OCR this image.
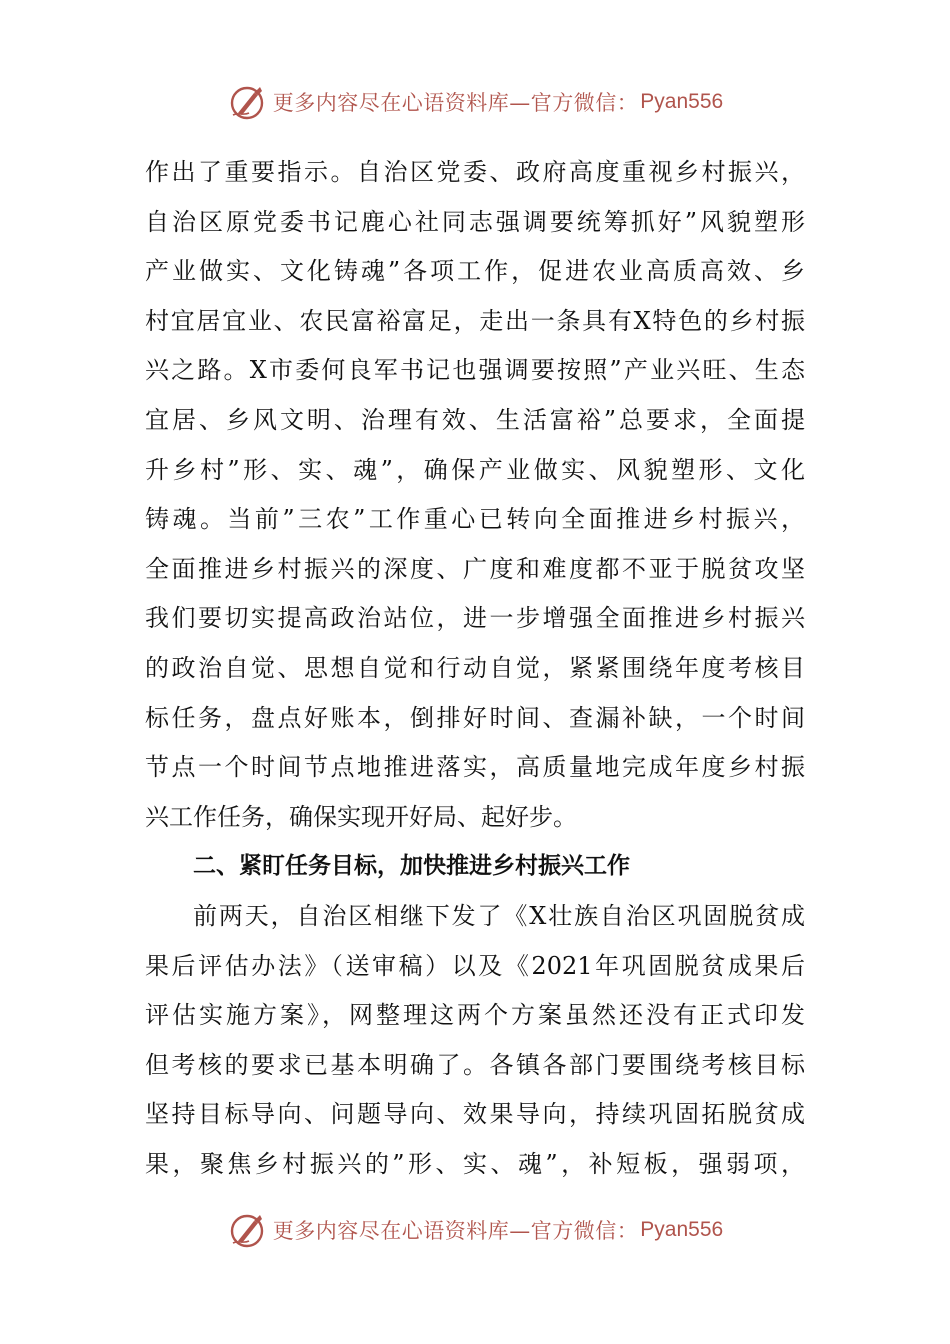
更多内容尽在心语资料库—官方微信： Pyan556
作出了重要指示。自治区党委、政府高度重视乡村振兴，
自治区原党委书记鹿心社同志强调要统筹抓好”风貌塑形
产业做实、文化铸魂”各项工作，促进农业高质高效、乡
村宜居宜业、农民富裕富足，走出一条具有X特色的乡村振
兴之路。X市委何良军书记也强调要按照”产业兴旺、生态
宜居、乡风文明、治理有效、生活富裕”总要求，全面提
升乡村”形、实、魂”，确保产业做实、风貌塑形、文化
铸魂。当前”三农”工作重心已转向全面推进乡村振兴，
全面推进乡村振兴的深度、广度和难度都不亚于脱贫攻坚
我们要切实提高政治站位，进一步增强全面推进乡村振兴
的政治自觉、思想自觉和行动自觉，紧紧围绕年度考核目
标任务，盘点好账本，倒排好时间、查漏补缺，一个时间
节点一个时间节点地推进落实，高质量地完成年度乡村振
兴工作任务，确保实现开好局、起好步。
二、紧盯任务目标，加快推进乡村振兴工作
前两天，自治区相继下发了《X壮族自治区巩固脱贫成
果后评估办法》（送审稿）以及《2021年巩固脱贫成果后
评估实施方案》，网整理这两个方案虽然还没有正式印发
但考核的要求已基本明确了。各镇各部门要围绕考核目标
坚持目标导向、问题导向、效果导向，持续巩固拓脱贫成
果，聚焦乡村振兴的”形、实、魂”，补短板，强弱项，
更多内容尽在心语资料库—官方微信： Pyan556
